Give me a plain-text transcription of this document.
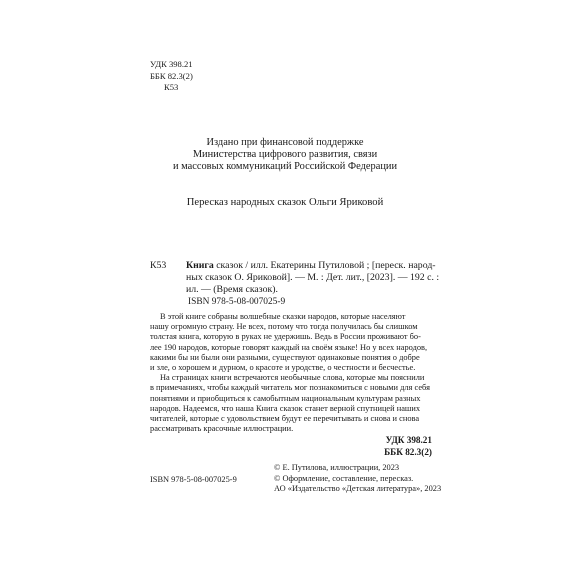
УДК 398.21
ББК 82.3(2)
К53
Издано при финансовой поддержке
Министерства цифрового развития, связи
и массовых коммуникаций Российской Федерации
Пересказ народных сказок Ольги Яриковой
К53 Книга сказок / илл. Екатерины Путиловой ; [переск. народ-
ных сказок О. Яриковой]. — М. : Дет. лит., [2023]. — 192 с. :
ил. — (Время сказок).
ISBN 978-5-08-007025-9
В этой книге собраны волшебные сказки народов, которые населяют
нашу огромную страну. Не всех, потому что тогда получилась бы слишком
толстая книга, которую в руках не удержишь. Ведь в России проживают бо-
лее 190 народов, которые говорят каждый на своём языке! Но у всех народов,
какими бы ни были они разными, существуют одинаковые понятия о добре
и зле, о хорошем и дурном, о красоте и уродстве, о честности и бесчестье.
На страницах книги встречаются необычные слова, которые мы пояснили
в примечаниях, чтобы каждый читатель мог познакомиться с новыми для себя
понятиями и приобщиться к самобытным национальным культурам разных
народов. Надеемся, что наша Книга сказок станет верной спутницей наших
читателей, которые с удовольствием будут ее перечитывать и снова и снова
рассматривать красочные иллюстрации.
УДК 398.21
ББК 82.3(2)
ISBN 978-5-08-007025-9
© Е. Путилова, иллюстрации, 2023
© Оформление, составление, пересказ.
АО «Издательство «Детская литература», 2023
